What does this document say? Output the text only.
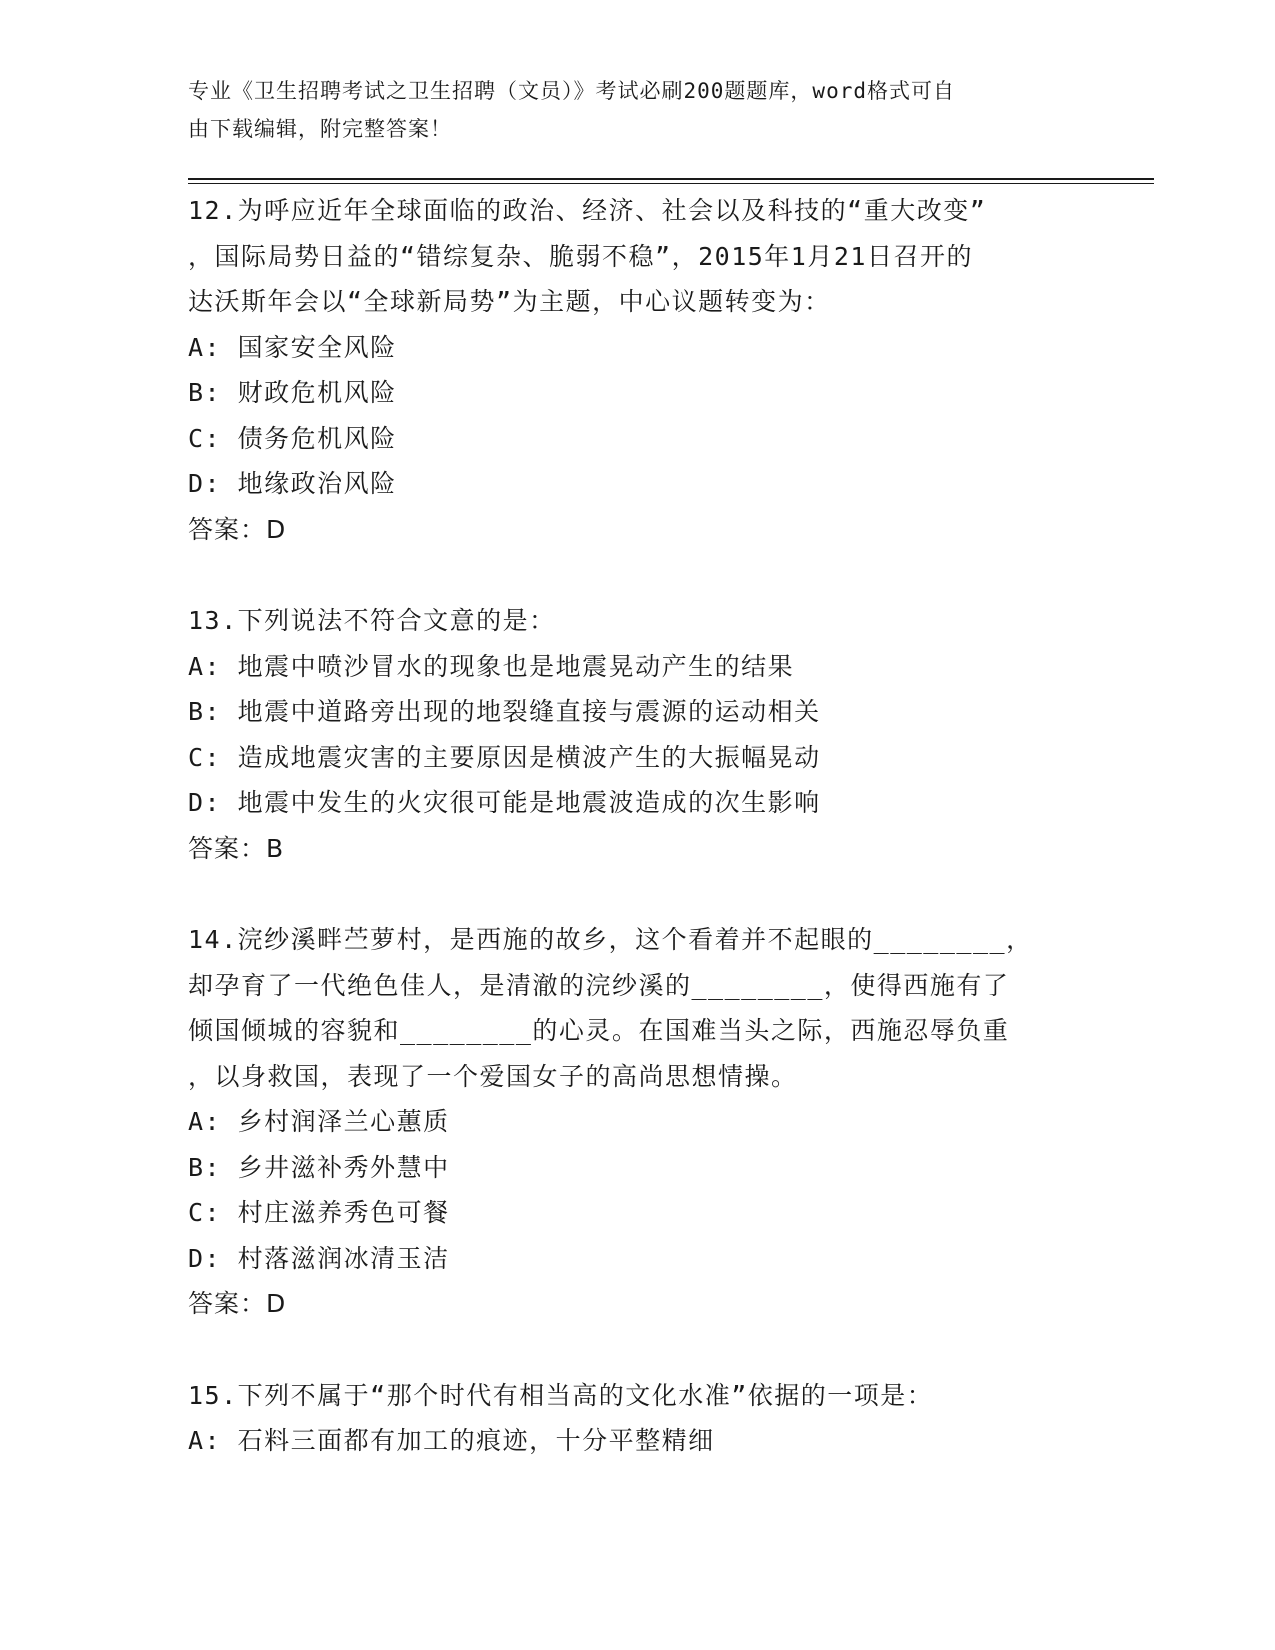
专业《卫生招聘考试之卫生招聘（文员）》考试必刷200题题库，word格式可自
由下载编辑，附完整答案！
12.为呼应近年全球面临的政治、经济、社会以及科技的“重大改变”
，国际局势日益的“错综复杂、脆弱不稳”，2015年1月21日召开的
达沃斯年会以“全球新局势”为主题，中心议题转变为：
A: 国家安全风险
B: 财政危机风险
C: 债务危机风险
D: 地缘政治风险
答案：D
13.下列说法不符合文意的是：
A: 地震中喷沙冒水的现象也是地震晃动产生的结果
B: 地震中道路旁出现的地裂缝直接与震源的运动相关
C: 造成地震灾害的主要原因是横波产生的大振幅晃动
D: 地震中发生的火灾很可能是地震波造成的次生影响
答案：B
14.浣纱溪畔苎萝村，是西施的故乡，这个看着并不起眼的________，
却孕育了一代绝色佳人，是清澈的浣纱溪的________，使得西施有了
倾国倾城的容貌和________的心灵。在国难当头之际，西施忍辱负重
，以身救国，表现了一个爱国女子的高尚思想情操。
A: 乡村润泽兰心蕙质
B: 乡井滋补秀外慧中
C: 村庄滋养秀色可餐
D: 村落滋润冰清玉洁
答案：D
15.下列不属于“那个时代有相当高的文化水准”依据的一项是：
A: 石料三面都有加工的痕迹，十分平整精细
